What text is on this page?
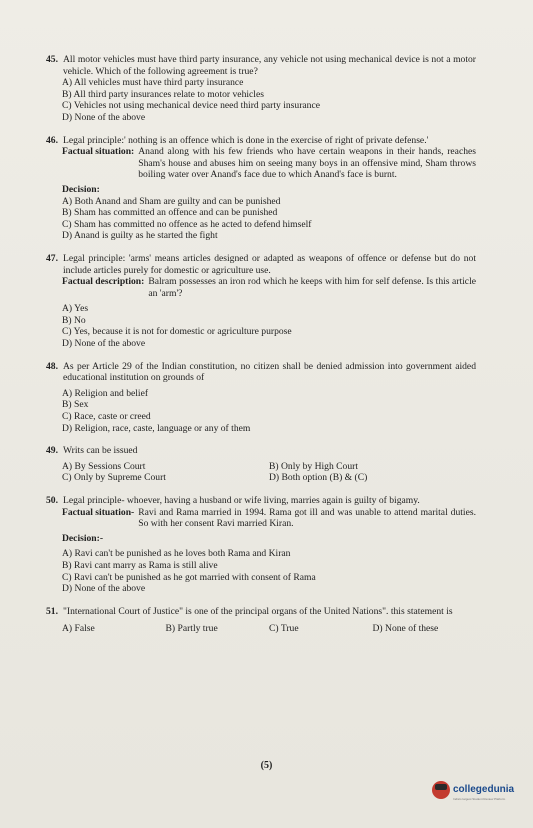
45. All motor vehicles must have third party insurance, any vehicle not using mechanical device is not a motor vehicle. Which of the following agreement is true?
A) All vehicles must have third party insurance
B) All third party insurances relate to motor vehicles
C) Vehicles not using mechanical device need third party insurance
D) None of the above
46. Legal principle:' nothing is an offence which is done in the exercise of right of private defense.'
Factual situation: Anand along with his few friends who have certain weapons in their hands, reaches Sham's house and abuses him on seeing many boys in an offensive mind, Sham throws boiling water over Anand's face due to which Anand's face is burnt.
Decision:
A) Both Anand and Sham are guilty and can be punished
B) Sham has committed an offence and can be punished
C) Sham has committed no offence as he acted to defend himself
D) Anand is guilty as he started the fight
47. Legal principle: 'arms' means articles designed or adapted as weapons of offence or defense but do not include articles purely for domestic or agriculture use.
Factual description: Balram possesses an iron rod which he keeps with him for self defense. Is this article an 'arm'?
A) Yes
B) No
C) Yes, because it is not for domestic or agriculture purpose
D) None of the above
48. As per Article 29 of the Indian constitution, no citizen shall be denied admission into government aided educational institution on grounds of
A) Religion and belief
B) Sex
C) Race, caste or creed
D) Religion, race, caste, language or any of them
49. Writs can be issued
A) By Sessions Court
C) Only by Supreme Court
B) Only by High Court
D) Both option (B) & (C)
50. Legal principle- whoever, having a husband or wife living, marries again is guilty of bigamy.
Factual situation- Ravi and Rama married in 1994. Rama got ill and was unable to attend marital duties. So with her consent Ravi married Kiran.
Decision:-
A) Ravi can't be punished as he loves both Rama and Kiran
B) Ravi cant marry as Rama is still alive
C) Ravi can't be punished as he got married with consent of Rama
D) None of the above
51. "International Court of Justice" is one of the principal organs of the United Nations". this statement is
A) False	B) Partly true	C) True	D) None of these
(5)
collegedunia
India's largest Student Review Platform
